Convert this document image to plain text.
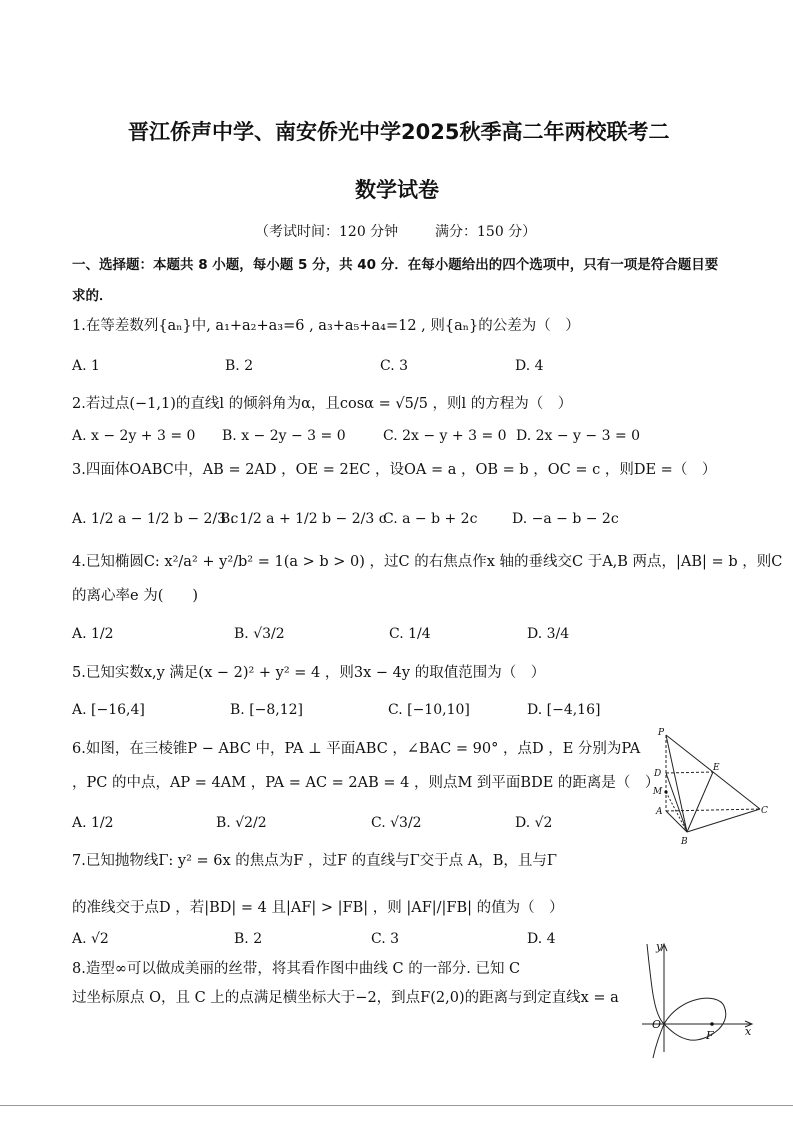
晋江侨声中学、南安侨光中学2025秋季高二年两校联考二
数学试卷
（考试时间：120 分钟	满分：150 分）
一、选择题：本题共 8 小题，每小题 5 分，共 40 分．在每小题给出的四个选项中，只有一项是符合题目要
求的．
1.在等差数列{aₙ}中, a₁+a₂+a₃=6 , a₃+a₅+a₄=12 , 则{aₙ}的公差为（　）
A. 1	B. 2	C. 3	D. 4
2.若过点(−1,1)的直线l 的倾斜角为α，且cosα = √5/5 ，则l 的方程为（　）
A. x − 2y + 3 = 0 B. x − 2y − 3 = 0	C. 2x − y + 3 = 0 D. 2x − y − 3 = 0
3.四面体OABC中，AB = 2AD ，OE = 2EC ，设OA = a ，OB = b ，OC = c ，则DE =（　）
A. 1/2 a − 1/2 b − 2/3 c
B. 1/2 a + 1/2 b − 2/3 c
C. a − b + 2c D. −a − b − 2c
4.已知椭圆C: x²/a² + y²/b² = 1(a > b > 0) ，过C 的右焦点作x 轴的垂线交C 于A,B 两点，|AB| = b ，则C
的离心率e 为(　　)
A. 1/2	B. √3/2	C. 1/4	D. 3/4
5.已知实数x,y 满足(x − 2)² + y² = 4 ，则3x − 4y 的取值范围为（　）
A. [−16,4]	B. [−8,12]	C. [−10,10]	D. [−4,16]
6.如图，在三棱锥P − ABC 中，PA ⊥ 平面ABC ，∠BAC = 90° ，点D ，E 分别为PA
，PC 的中点，AP = 4AM ，PA = AC = 2AB = 4 ，则点M 到平面BDE 的距离是（　）
A. 1/2	B. √2/2	C. √3/2	D. √2
P
D
M
A
B
C
E
7.已知抛物线Γ: y² = 6x 的焦点为F ，过F 的直线与Γ交于点 A，B，且与Γ
的准线交于点D ，若|BD| = 4 且|AF| > |FB| ，则 |AF|/|FB| 的值为（　）
A. √2	B. 2	C. 3	D. 4
8.造型∞可以做成美丽的丝带，将其看作图中曲线 C 的一部分. 已知 C
过坐标原点 O，且 C 上的点满足横坐标大于−2，到点F(2,0)的距离与到定直线x = a
y
O
F	x
